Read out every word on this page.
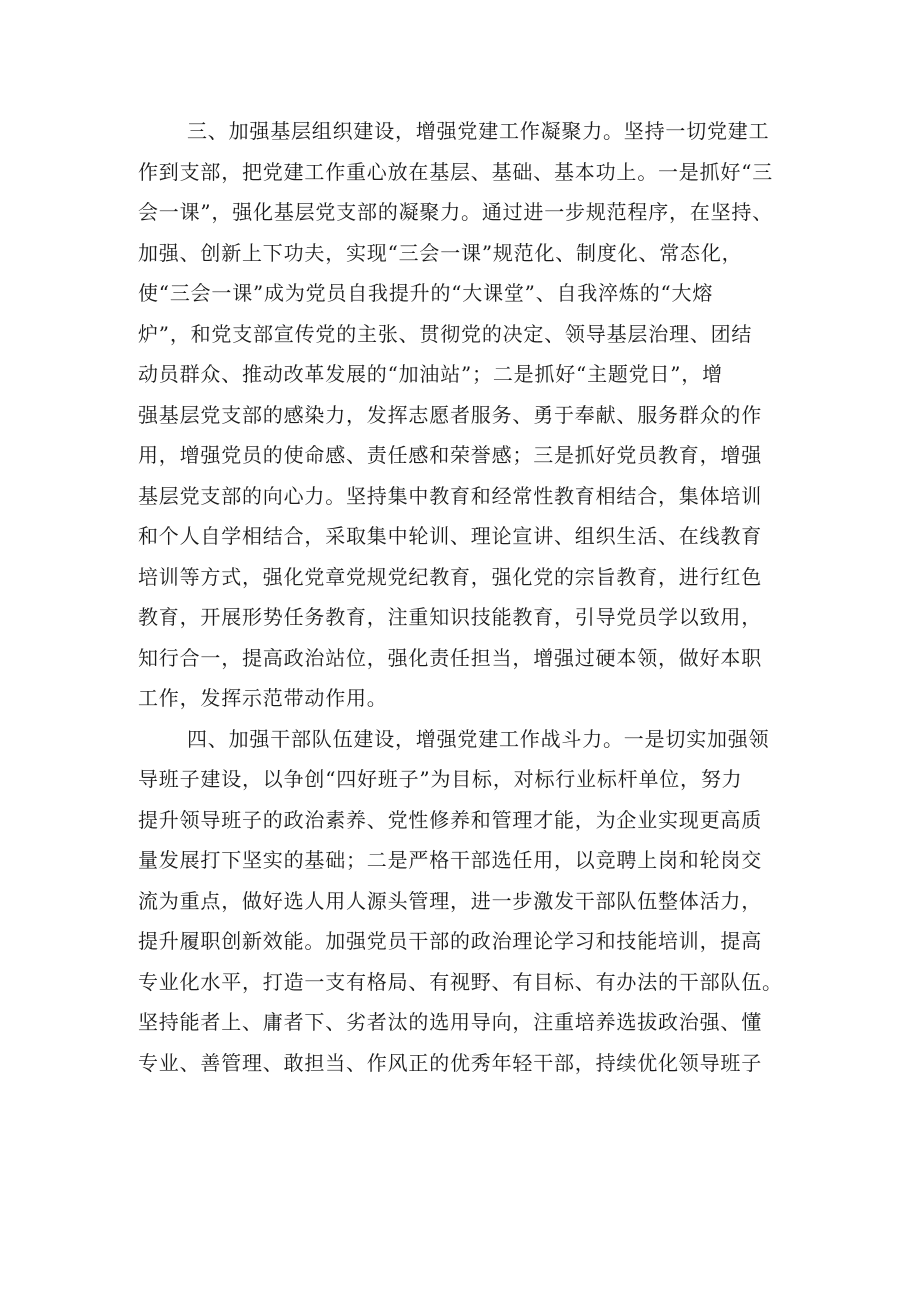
三、加强基层组织建设，增强党建工作凝聚力。坚持一切党建工
作到支部，把党建工作重心放在基层、基础、基本功上。一是抓好“三
会一课”，强化基层党支部的凝聚力。通过进一步规范程序，在坚持、
加强、创新上下功夫，实现“三会一课”规范化、制度化、常态化，
使“三会一课”成为党员自我提升的“大课堂”、自我淬炼的“大熔
炉”，和党支部宣传党的主张、贯彻党的决定、领导基层治理、团结
动员群众、推动改革发展的“加油站”；二是抓好“主题党日”，增
强基层党支部的感染力，发挥志愿者服务、勇于奉献、服务群众的作
用，增强党员的使命感、责任感和荣誉感；三是抓好党员教育，增强
基层党支部的向心力。坚持集中教育和经常性教育相结合，集体培训
和个人自学相结合，采取集中轮训、理论宣讲、组织生活、在线教育
培训等方式，强化党章党规党纪教育，强化党的宗旨教育，进行红色
教育，开展形势任务教育，注重知识技能教育，引导党员学以致用，
知行合一，提高政治站位，强化责任担当，增强过硬本领，做好本职
工作，发挥示范带动作用。

四、加强干部队伍建设，增强党建工作战斗力。一是切实加强领
导班子建设，以争创“四好班子”为目标，对标行业标杆单位，努力
提升领导班子的政治素养、党性修养和管理才能，为企业实现更高质
量发展打下坚实的基础；二是严格干部选任用，以竞聘上岗和轮岗交
流为重点，做好选人用人源头管理，进一步激发干部队伍整体活力，
提升履职创新效能。加强党员干部的政治理论学习和技能培训，提高
专业化水平，打造一支有格局、有视野、有目标、有办法的干部队伍。
坚持能者上、庸者下、劣者汰的选用导向，注重培养选拔政治强、懂
专业、善管理、敢担当、作风正的优秀年轻干部，持续优化领导班子
